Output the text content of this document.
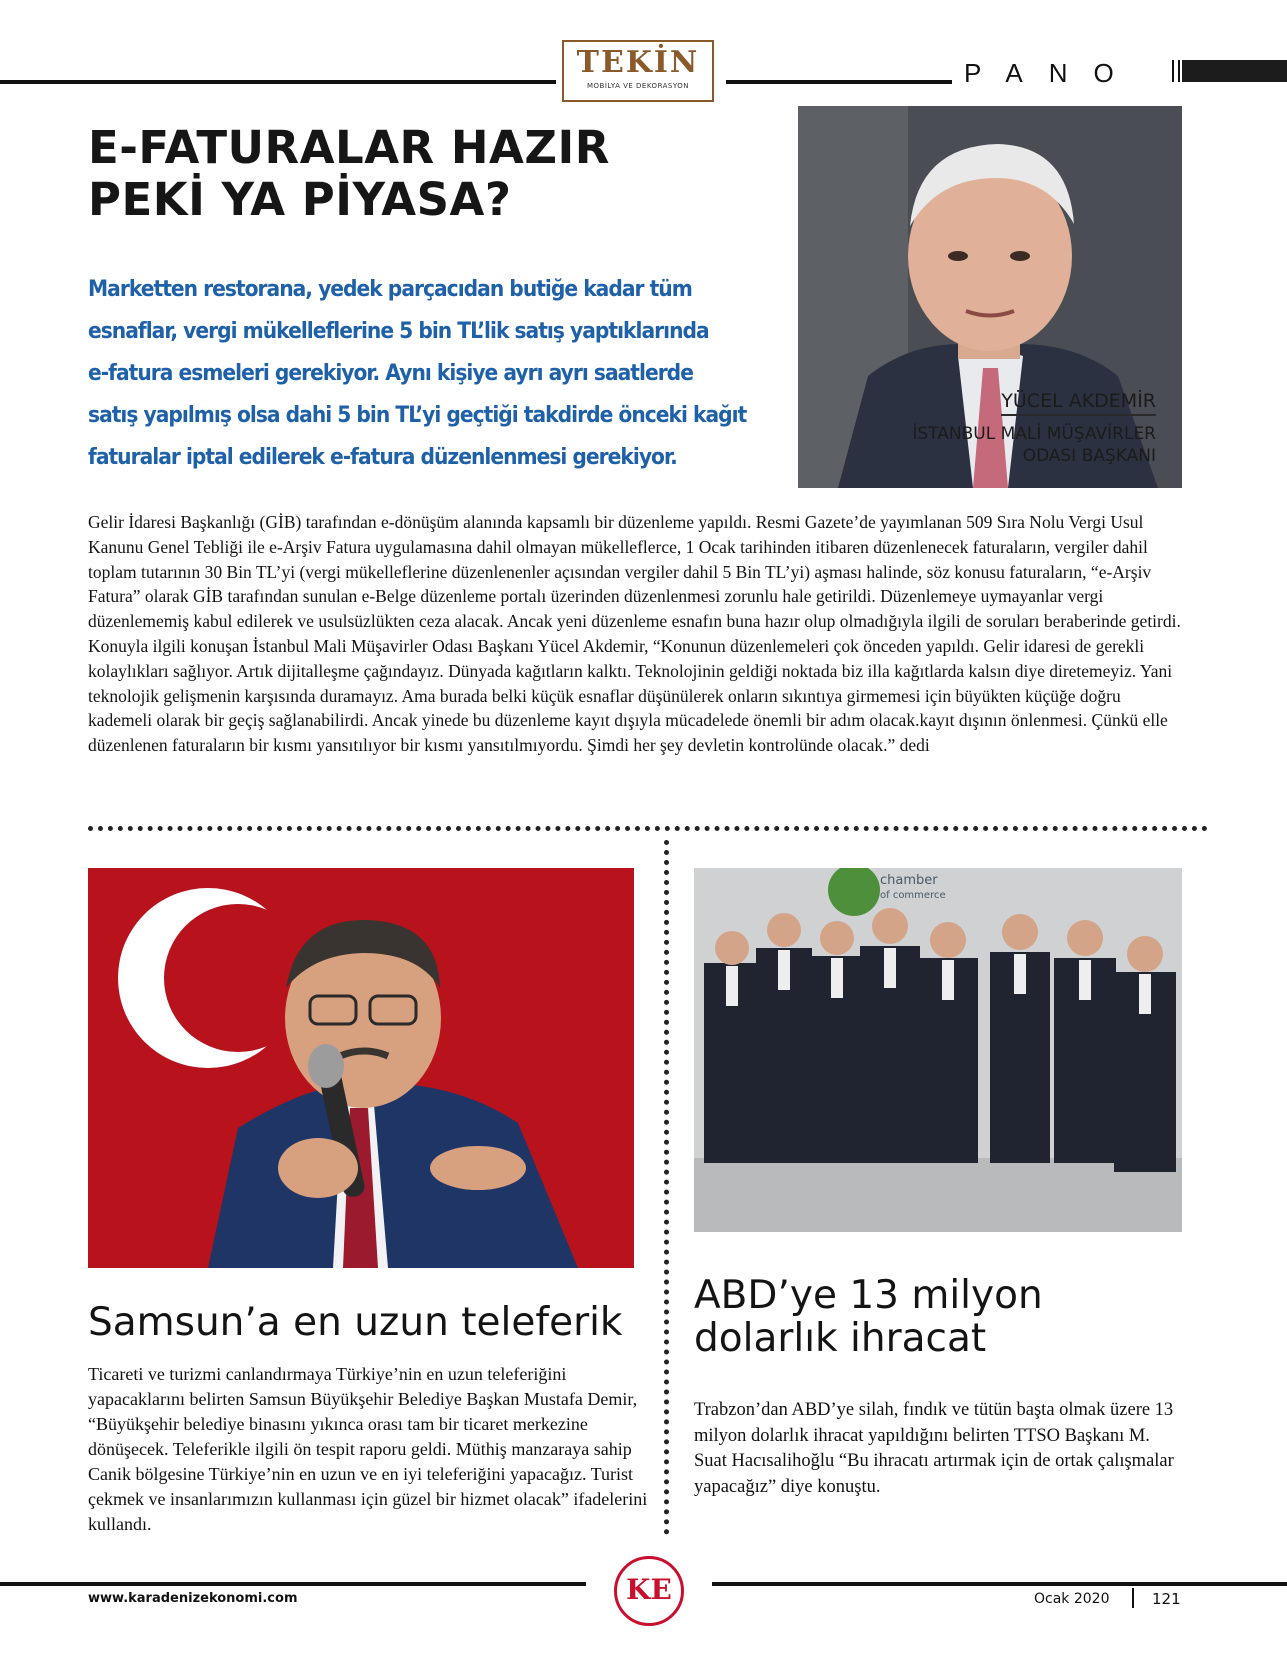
TEKİN
MOBİLYA VE DEKORASYON	PANO
E-FATURALAR HAZIR
PEKİ YA PİYASA?
Marketten restorana, yedek parçacıdan butiğe kadar tüm
esnaflar, vergi mükelleflerine 5 bin TL’lik satış yaptıklarında
e-fatura esmeleri gerekiyor. Aynı kişiye ayrı ayrı saatlerde
satış yapılmış olsa dahi 5 bin TL’yi geçtiği takdirde önceki kağıt
faturalar iptal edilerek e-fatura düzenlenmesi gerekiyor.
YÜCEL AKDEMİR
İSTANBUL MALİ MÜŞAVİRLER
ODASI BAŞKANI
Gelir İdaresi Başkanlığı (GİB) tarafından e-dönüşüm alanında kapsamlı bir düzenleme yapıldı. Resmi Gazete’de yayımlanan 509 Sıra Nolu Vergi Usul Kanunu Genel Tebliği ile e-Arşiv Fatura uygulamasına dahil olmayan mükelleflerce, 1 Ocak tarihinden itibaren düzenlenecek faturaların, vergiler dahil toplam tutarının 30 Bin TL’yi (vergi mükelleflerine düzenlenenler açısından vergiler dahil 5 Bin TL’yi) aşması halinde, söz konusu faturaların, “e-Arşiv Fatura” olarak GİB tarafından sunulan e-Belge düzenleme portalı üzerinden düzenlenmesi zorunlu hale getirildi. Düzenlemeye uymayanlar vergi düzenlememiş kabul edilerek ve usulsüzlükten ceza alacak. Ancak yeni düzenleme esnafın buna hazır olup olmadığıyla ilgili de soruları beraberinde getirdi. Konuyla ilgili konuşan İstanbul Mali Müşavirler Odası Başkanı Yücel Akdemir, “Konunun düzenlemeleri çok önceden yapıldı. Gelir idaresi de gerekli kolaylıkları sağlıyor. Artık dijitalleşme çağındayız. Dünyada kağıtların kalktı. Teknolojinin geldiği noktada biz illa kağıtlarda kalsın diye diretemeyiz. Yani teknolojik gelişmenin karşısında duramayız. Ama burada belki küçük esnaflar düşünülerek onların sıkıntıya girmemesi için büyükten küçüğe doğru kademeli olarak bir geçiş sağlanabilirdi. Ancak yinede bu düzenleme kayıt dışıyla mücadelede önemli bir adım olacak.kayıt dışının önlenmesi. Çünkü elle düzenlenen faturaların bir kısmı yansıtılıyor bir kısmı yansıtılmıyordu. Şimdi her şey devletin kontrolünde olacak.” dedi
Samsun’a en uzun teleferik
Ticareti ve turizmi canlandırmaya Türkiye’nin en uzun teleferiğini yapacaklarını belirten Samsun Büyükşehir Belediye Başkan Mustafa Demir, “Büyükşehir belediye binasını yıkınca orası tam bir ticaret merkezine dönüşecek. Teleferikle ilgili ön tespit raporu geldi. Müthiş manzaraya sahip Canik bölgesine Türkiye’nin en uzun ve en iyi teleferiğini yapacağız. Turist çekmek ve insanlarımızın kullanması için güzel bir hizmet olacak” ifadelerini kullandı.
chamber
of commerce
ABD’ye 13 milyon
dolarlık ihracat
Trabzon’dan ABD’ye silah, fındık ve tütün başta olmak üzere 13 milyon dolarlık ihracat yapıldığını belirten TTSO Başkanı M. Suat Hacısalihoğlu “Bu ihracatı artırmak için de ortak çalışmalar yapacağız” diye konuştu.
www.karadenizekonomi.com	KE	Ocak 2020	121
